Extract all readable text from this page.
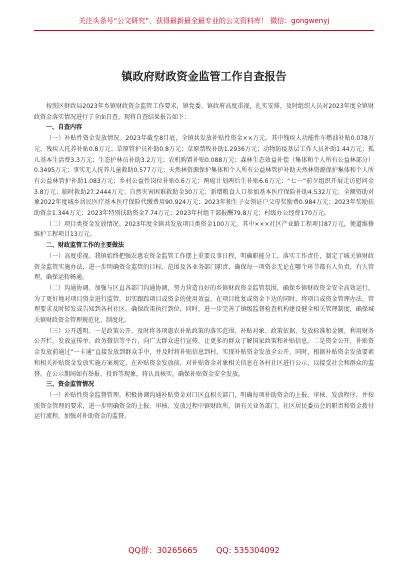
关注头条号“公文研究”，获得最新最全最专业的公文资料库！ 微信：gongwenyj
镇政府财政资金监管工作自查报告

按照区财政局2023年乡镇财政资金监管工作要求，镇党委、镇政府高度重视，扎实安排，及时组织人员对2023年度全镇财政资金落实情况进行了全面自查，现将自查结果报告如下：

一、自查内容

（一）补贴性资金发放情况。2023年截至8月底，全镇共发放补贴性资金××万元。其中残疾人功能性车燃油补贴0.078万元，残疾人托养补贴0.8万元；草原管护员补助0.8万元；草原禁牧补助1.2936万元；动物防疫基层工作人员补助1.44万元；孤儿基本生活费3.3万元；生态护林员补助3.2万元；农机购置补贴0.088万元；森林生态效益补偿（集体和个人所有公益林部分）0.3495万元；事实无人抚养儿童救助0.577万元；天然林资源保护集体和个人所有公益林管护补助天然林资源保护集体和个人所有公益林管护补助1.083万元；乡村公益性岗位补贴0.6万元；两癌计划两后生补贴6.6万元；“七一”前夕组织开展走访慰问金3.8万元；临时救助27.2444万元；自然灾害困难救助金30万元；新增粮食人口参加基本医疗保险补助4.532万元；全额资助对象2022年度城乡居民医疗基本医疗保险代缴费用90.924万元；2023年独生子女领证户父母奖励费0.984万元；2023年奖励扶助资金1.344万元；2023年特别扶助资金7.74万元；2023年村组干部报酬79.8万元；村级办公经费170万元。

（二）项目类资金发放情况。2023年度全镇共发放项目类资金100万元。其中×××社区产业路工程项目87万元，便道维修维护工程项目13万元。

二、财政监管工作的主要做法

（一）高度重视。我镇始终把强农惠农资金监管工作摆上重要议事日程，明确职能分工，落实工作责任，制定了城关镇财政资金监管实施办法，进一步明确资金监管的目标、范围及各业务部门职责，确保每一项资金无论在哪个环节都有人负责，有人管理，确保运转畅通。

（二）沟通协调。加强与区直各部门沟通协调，努力营造良好的乡镇财政资金监管氛围，确保乡镇财政资金安全高效运行，为了更好地对项目资金进行监管，切实跟踪项目或资金的使用效益，在项目批复或资金下达的同时，将项目或资金管理办法、管理要求及时转发或告知到各村社区，确保政策执行到位，同时，进一步完善了镇级监督检查机构建设健全相关管理制度，确保城关镇财政资金管理规范化、制度化。

（三）公开透明。一是政策公开。及时将各项惠农补贴政策的落实范围、补贴对象、政策依据、发放标准和金额、利用财务公开栏、发放宣传单、政务微信等平台，向广大群众进行宣传，让更多的群众了解国家政策和补贴信息。二是资金公开，补贴资金发放前通过“一卡通”直接发放到群众手中，并及时将补贴信息到村，实现补贴资金发放全公开，同时，根据补贴资金发放要素和相关补贴资金发放实施方案规定，在补贴资金发放前，对补贴资金对象相关信息在各村社区进行公示，以接受社会和群众的监督。在公示期间如有举报、投诉等现象，将认真核实，确保补贴资金安全发放。

三、资金监管情况

（一）补贴性资金监督管理。积极协调沟通补贴资金对口区直相关部门，明确每项补助资金的上报、审核、发放程序，并按照资金管理的要求，进一步明确资金的上报、审核、发放过程中镇财政所、镇有关业务部门、社区居民委员会的职责和资金拨付运行流程，加强对补助资金的监督。

QQ群：30265665 QQ: 535304092
